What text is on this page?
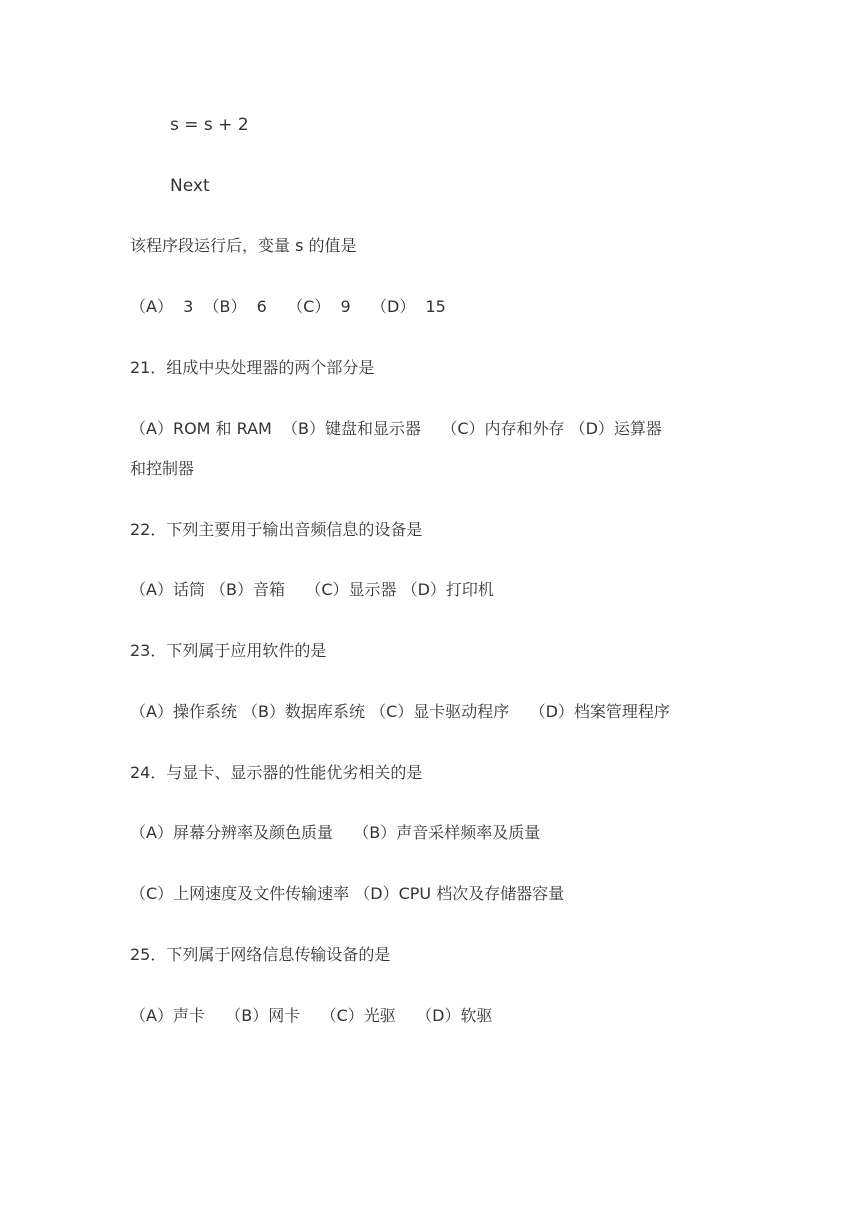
s = s + 2
Next
该程序段运行后，变量 s 的值是
（A）  3  （B）  6    （C）  9    （D）  15
21．组成中央处理器的两个部分是
（A）ROM 和 RAM  （B）键盘和显示器    （C）内存和外存 （D）运算器
和控制器
22．下列主要用于输出音频信息的设备是
（A）话筒 （B）音箱    （C）显示器 （D）打印机
23．下列属于应用软件的是
（A）操作系统 （B）数据库系统 （C）显卡驱动程序    （D）档案管理程序
24．与显卡、显示器的性能优劣相关的是
（A）屏幕分辨率及颜色质量    （B）声音采样频率及质量
（C）上网速度及文件传输速率 （D）CPU 档次及存储器容量
25．下列属于网络信息传输设备的是
（A）声卡    （B）网卡    （C）光驱    （D）软驱
